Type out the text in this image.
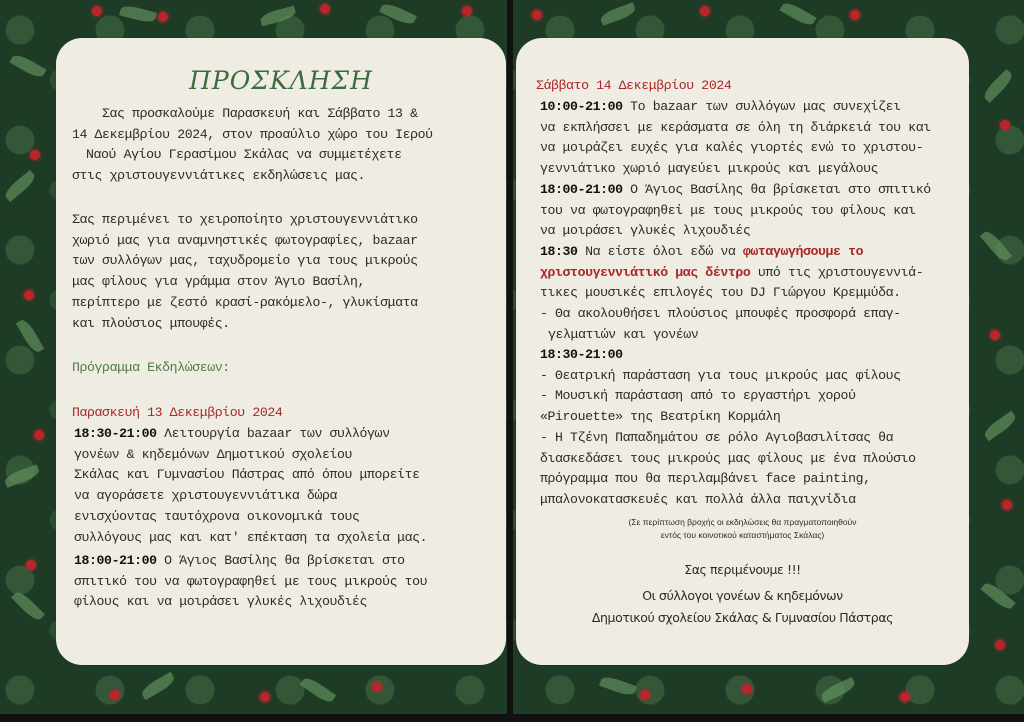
ΠΡΟΣΚΛΗΣΗ
Σας προσκαλούμε Παρασκευή και Σάββατο 13 &
14 Δεκεμβρίου 2024, στον προαύλιο χώρο του Ιερού
Ναού Αγίου Γερασίμου Σκάλας να συμμετέχετε
στις χριστουγεννιάτικες εκδηλώσεις μας.
Σας περιμένει το χειροποίητο χριστουγεννιάτικο
χωριό μας για αναμνηστικές φωτογραφίες, bazaar
των συλλόγων μας, ταχυδρομείο για τους μικρούς
μας φίλους για γράμμα στον Άγιο Βασίλη,
περίπτερο με ζεστό κρασί-ρακόμελο-, γλυκίσματα
και πλούσιος μπουφές.
Πρόγραμμα Εκδηλώσεων:
Παρασκευή 13 Δεκεμβρίου 2024
18:30-21:00 Λειτουργία bazaar των συλλόγων
γονέων & κηδεμόνων Δημοτικού σχολείου
Σκάλας και Γυμνασίου Πάστρας από όπου μπορείτε
να αγοράσετε χριστουγεννιάτικα δώρα
ενισχύοντας ταυτόχρονα οικονομικά τους
συλλόγους μας και κατ' επέκταση τα σχολεία μας.
18:00-21:00 Ο Άγιος Βασίλης θα βρίσκεται στο
σπιτικό του να φωτογραφηθεί με τους μικρούς του
φίλους και να μοιράσει γλυκές λιχουδιές
Σάββατο 14 Δεκεμβρίου 2024
10:00-21:00 Το bazaar των συλλόγων μας συνεχίζει
να εκπλήσσει με κεράσματα σε όλη τη διάρκειά του και
να μοιράζει ευχές για καλές γιορτές ενώ το χριστου-
γεννιάτικο χωριό μαγεύει μικρούς και μεγάλους
18:00-21:00 Ο Άγιος Βασίλης θα βρίσκεται στο σπιτικό
του να φωτογραφηθεί με τους μικρούς του φίλους και
να μοιράσει γλυκές λιχουδιές
18:30 Να είστε όλοι εδώ να φωταγωγήσουμε το
χριστουγεννιάτικό μας δέντρο υπό τις χριστουγεννιά-
τικες μουσικές επιλογές του DJ Γιώργου Κρεμμύδα.
- Θα ακολουθήσει πλούσιος μπουφές προσφορά επαγ-
γελματιών και γονέων
18:30-21:00
- Θεατρική παράσταση για τους μικρούς μας φίλους
- Μουσική παράσταση από το εργαστήρι χορού
«Pirouette» της Βεατρίκη Κορμάλη
- Η Τζένη Παπαδημάτου σε ρόλο Αγιοβασιλίτσας θα
διασκεδάσει τους μικρούς μας φίλους με ένα πλούσιο
πρόγραμμα που θα περιλαμβάνει face painting,
μπαλονοκατασκευές και πολλά άλλα παιχνίδια
(Σε περίπτωση βροχής οι εκδηλώσεις θα πραγματοποιηθούν
εντός του κοινοτικού καταστήματος Σκάλας)
Σας περιμένουμε !!!
Οι σύλλογοι γονέων & κηδεμόνων
Δημοτικού σχολείου Σκάλας & Γυμνασίου Πάστρας
